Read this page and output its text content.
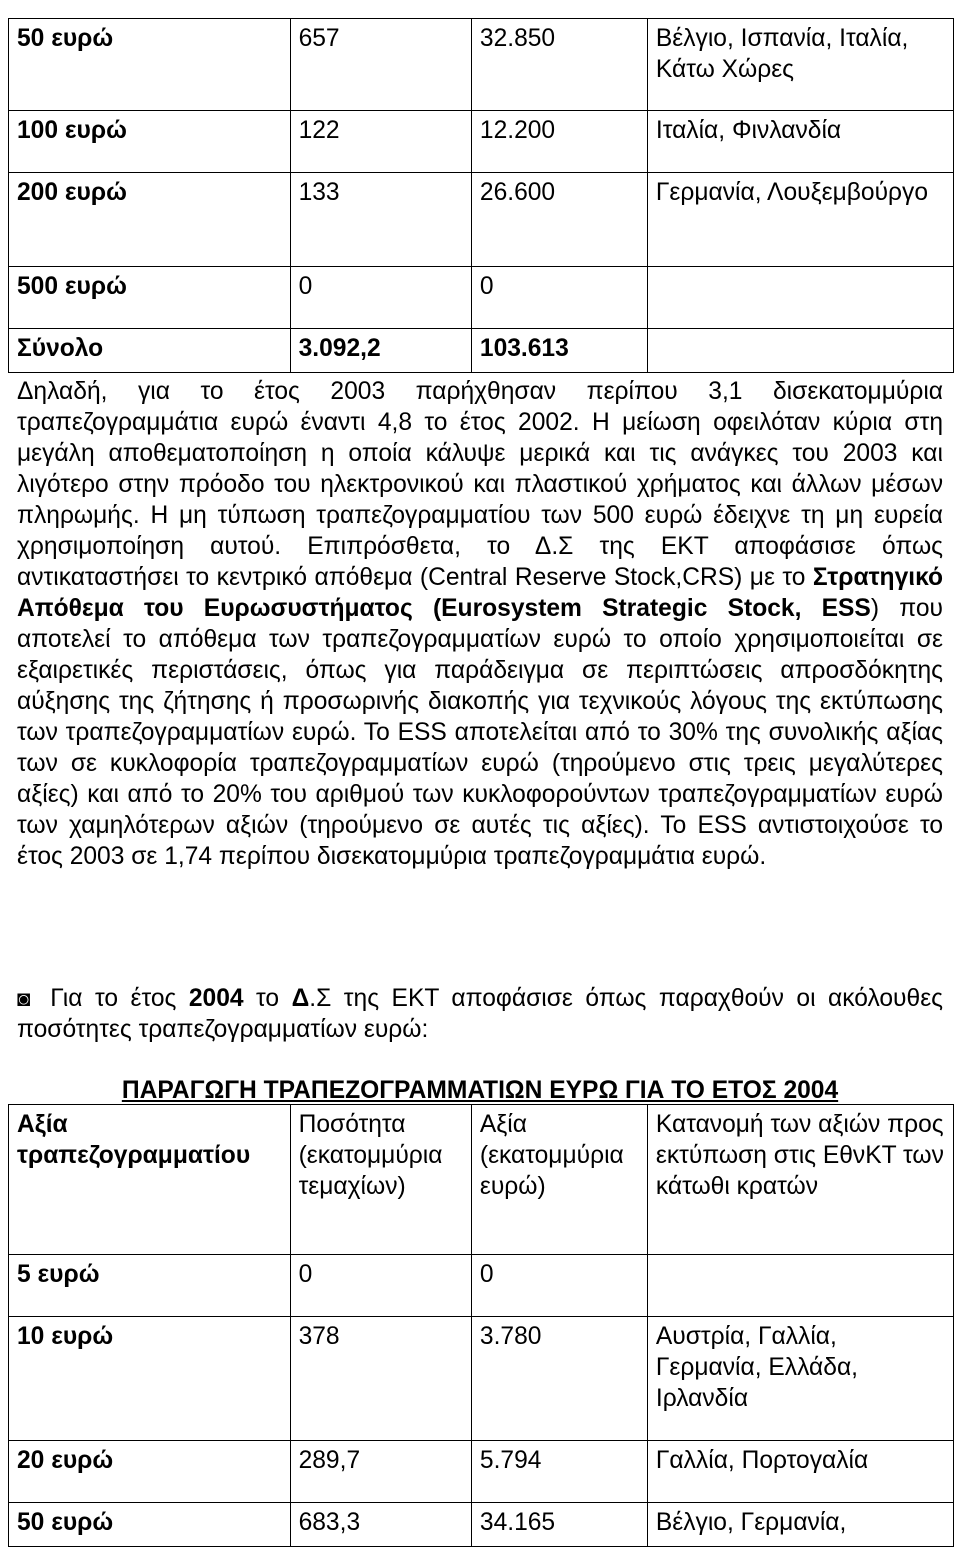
50 ευρώ	657	32.850	Βέλγιο, Ισπανία, Ιταλία, Κάτω Χώρες
100 ευρώ	122	12.200	Ιταλία, Φινλανδία
200 ευρώ	133	26.600	Γερμανία, Λουξεμβούργο
500 ευρώ	0	0	
Σύνολο	3.092,2	103.613	

Δηλαδή, για το έτος 2003 παρήχθησαν περίπου 3,1 δισεκατομμύρια τραπεζογραμμάτια ευρώ έναντι 4,8 το έτος 2002. Η μείωση οφειλόταν κύρια στη μεγάλη αποθεματοποίηση η οποία κάλυψε μερικά και τις ανάγκες του 2003 και λιγότερο στην πρόοδο του ηλεκτρονικού και πλαστικού χρήματος και άλλων μέσων πληρωμής. Η μη τύπωση τραπεζογραμματίου των 500 ευρώ έδειχνε τη μη ευρεία χρησιμοποίηση αυτού. Επιπρόσθετα, το Δ.Σ της ΕΚΤ αποφάσισε όπως αντικαταστήσει το κεντρικό απόθεμα (Central Reserve Stock,CRS) με το Στρατηγικό Απόθεμα του Ευρωσυστήματος (Eurosystem Strategic Stock, ESS) που αποτελεί το απόθεμα των τραπεζογραμματίων ευρώ το οποίο χρησιμοποιείται σε εξαιρετικές περιστάσεις, όπως για παράδειγμα σε περιπτώσεις απροσδόκητης αύξησης της ζήτησης ή προσωρινής διακοπής για τεχνικούς λόγους της εκτύπωσης των τραπεζογραμματίων ευρώ. Το ESS αποτελείται από το 30% της συνολικής αξίας των σε κυκλοφορία τραπεζογραμματίων ευρώ (τηρούμενο στις τρεις μεγαλύτερες αξίες) και από το 20% του αριθμού των κυκλοφορούντων τραπεζογραμματίων ευρώ των χαμηλότερων αξιών (τηρούμενο σε αυτές τις αξίες). Το ESS αντιστοιχούσε το έτος 2003 σε 1,74 περίπου δισεκατομμύρια τραπεζογραμμάτια ευρώ.

◙ Για το έτος 2004 το Δ.Σ της ΕΚΤ αποφάσισε όπως παραχθούν οι ακόλουθες ποσότητες τραπεζογραμματίων ευρώ:

ΠΑΡΑΓΩΓΗ ΤΡΑΠΕΖΟΓΡΑΜΜΑΤΙΩΝ ΕΥΡΩ ΓΙΑ ΤΟ ΕΤΟΣ 2004
Αξία τραπεζογραμματίου	Ποσότητα (εκατομμύρια τεμαχίων)	Αξία (εκατομμύρια ευρώ)	Κατανομή των αξιών προς εκτύπωση στις ΕθνΚΤ των κάτωθι κρατών
5 ευρώ	0	0	
10 ευρώ	378	3.780	Αυστρία, Γαλλία, Γερμανία, Ελλάδα, Ιρλανδία
20 ευρώ	289,7	5.794	Γαλλία, Πορτογαλία
50 ευρώ	683,3	34.165	Βέλγιο, Γερμανία,
